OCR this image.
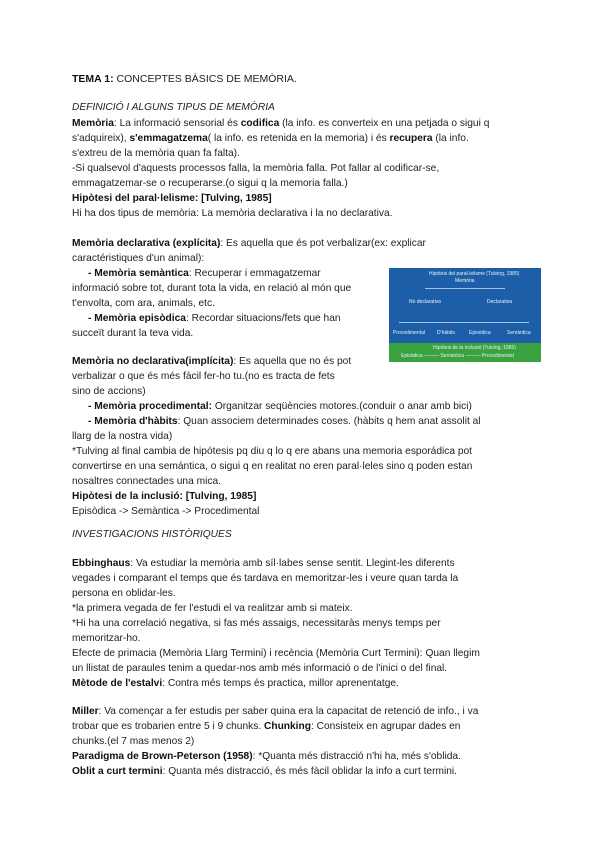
TEMA 1: CONCEPTES BÀSICS DE MEMÒRIA.
DEFINICIÓ I ALGUNS TIPUS DE MEMÒRIA
Memòria: La informació sensorial és codifica (la info. es converteix en una petjada o sigui q
s'adquireix), s'emmagatzema( la info. es retenida en la memoria) i és recupera (la info.
s'extreu de la memòria quan fa falta).
-Si qualsevol d'aquests processos falla, la memòria falla. Pot fallar al codificar-se,
emmagatzemar-se o recuperarse.(o sigui q la memoria falla.)
Hipòtesi del paral·lelisme: [Tulving, 1985]
Hi ha dos tipus de memòria: La memòria declarativa i la no declarativa.
Memòria declarativa (explícita): Es aquella que és pot verbalizar(ex: explicar
caractéristiques d'un animal):
- Memòria semàntica: Recuperar i emmagatzemar
informació sobre tot, durant tota la vida, en relació al món que
t'envolta, com ara, animals, etc.
- Memòria episòdica: Recordar situacions/fets que han
succeït durant la teva vida.
Memòria no declarativa(implícita): Es aquella que no és pot
verbalizar o que és més fàcil fer-ho tu.(no es tracta de fets
sino de accions)
- Memòria procedimental: Organitzar seqüències motores.(conduir o anar amb bici)
- Memòria d'hàbits: Quan associem determinades coses. (hàbits q hem anat assolit al
llarg de la nostra vida)
*Tulving al final cambia de hipótesis pq diu q lo q ere abans una memoria esporádica pot
convertirse en una semántica, o sigui q en realitat no eren paral·leles sino q poden estan
nosaltres connectades una mica.
Hipòtesi de la inclusió: [Tulving, 1985]
Episòdica -> Semàntica -> Procedimental
Hipòtesi del paral·lelisme (Tulving, 1985)
Memòria
No declarativa	Declarativa
Procedimental D'hàbits	Episòdica	Semàntica
Hipòtesi de la inclusió (Tulving, 1985)
Episòdica ——— Semàntica ——— Procedimental
INVESTIGACIONS HISTÒRIQUES
Ebbinghaus: Va estudiar la memòria amb síl·labes sense sentit. Llegint-les diferents
vegades i comparant el temps que és tardava en memoritzar-les i veure quan tarda la
persona en oblidar-les.
*la primera vegada de fer l'estudi el va realitzar amb si mateix.
*Hi ha una correlació negativa, si fas més assaigs, necessitaràs menys temps per
memoritzar-ho.
Efecte de primacia (Memòria Llarg Termini) i recència (Memòria Curt Termini): Quan llegim
un llistat de paraules tenim a quedar-nos amb més informació o de l'inici o del final.
Mètode de l'estalvi: Contra més temps és practica, millor aprenentatge.
Miller: Va començar a fer estudis per saber quina era la capacitat de retenció de info., i va
trobar que es trobarien entre 5 i 9 chunks. Chunking: Consisteix en agrupar dades en
chunks.(el 7 mas menos 2)
Paradigma de Brown-Peterson (1958): *Quanta més distracció n'hi ha, més s'oblida.
Oblit a curt termini: Quanta més distracció, és més fàcil oblidar la info a curt termini.
